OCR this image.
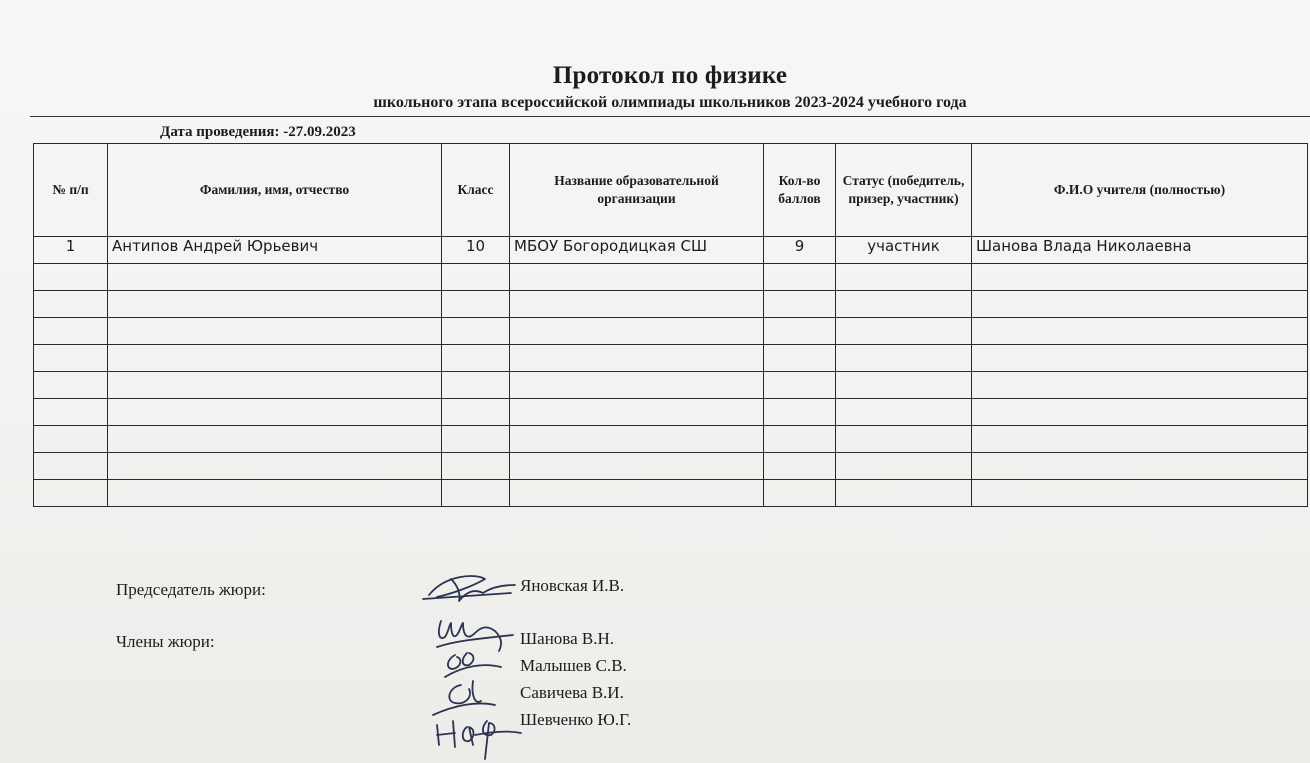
Протокол по физике
школьного этапа всероссийской олимпиады школьников 2023-2024 учебного года
Дата проведения: -27.09.2023
№ п/п	Фамилия, имя, отчество	Класс	Название образовательной организации	Кол-во баллов	Статус (победитель, призер, участник)	Ф.И.О учителя (полностью)
1	Антипов Андрей Юрьевич	10	МБОУ Богородицкая СШ	9	участник	Шанова Влада Николаевна

Председатель жюри:	Яновская И.В.
Члены жюри:	Шанова В.Н.
Малышев С.В.
Савичева В.И.
Шевченко Ю.Г.
